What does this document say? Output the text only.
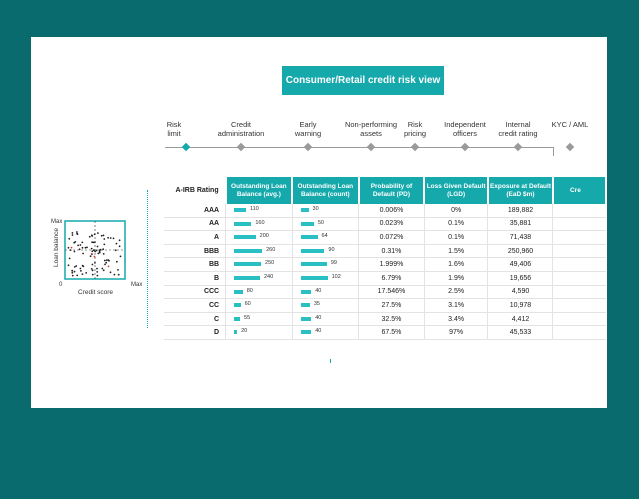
Consumer/Retail credit risk view
Risk
limit
Credit
administration
Early
warning
Non-performing
assets
Risk
pricing
Independent
officers
Internal
credit rating
KYC / AML
Max
0	Max
Credit score
Loan balance
A-IRB Rating	Outstanding Loan Balance (avg.)	Outstanding Loan Balance (count)	Probability of Default (PD)	Loss Given Default (LGD)	Exposure at Default (EaD $m)	Cre
AAA	110	30	0.006%	0%	189,882	
AA	160	50	0.023%	0.1%	35,881	
A	200	64	0.072%	0.1%	71,438	
BBB	260	90	0.31%	1.5%	250,960	
BB	250	99	1.999%	1.6%	49,406	
B	240	102	6.79%	1.9%	19,656	
CCC	80	40	17.546%	2.5%	4,590	
CC	60	35	27.5%	3.1%	10,978	
C	55	40	32.5%	3.4%	4,412	
D	20	40	67.5%	97%	45,533	
